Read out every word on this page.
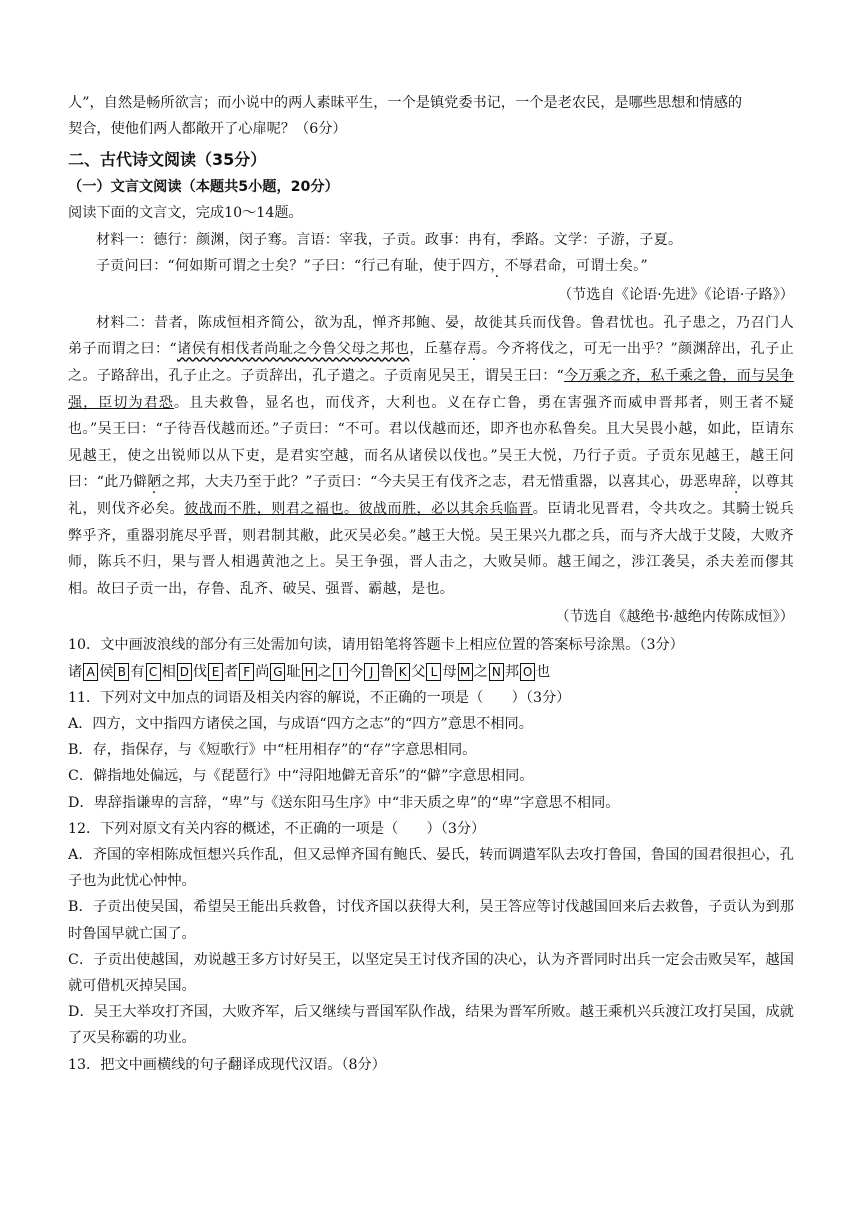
人”，自然是畅所欲言；而小说中的两人素昧平生，一个是镇党委书记，一个是老农民，是哪些思想和情感的
契合，使他们两人都敞开了心扉呢？（6分）
二、古代诗文阅读（35分）
（一）文言文阅读（本题共5小题，20分）
阅读下面的文言文，完成10～14题。
材料一：德行：颜渊，闵子骞。言语：宰我，子贡。政事：冉有，季路。文学：子游，子夏。
子贡问曰：“何如斯可谓之士矣？”子曰：“行己有耻，使于四方，不辱君命，可谓士矣。”
（节选自《论语·先进》《论语·子路》）
材料二：昔者，陈成恒相齐简公，欲为乱，惮齐邦鲍、晏，故徙其兵而伐鲁。鲁君忧也。孔子患之，乃召门人弟子而谓之曰：“诸侯有相伐者尚耻之今鲁父母之邦也，丘墓存焉。今齐将伐之，可无一出乎？”颜渊辞出，孔子止之。子路辞出，孔子止之。子贡辞出，孔子遣之。子贡南见吴王，谓吴王曰：“今万乘之齐，私千乘之鲁，而与吴争强，臣切为君恐。且夫救鲁，显名也，而伐齐，大利也。义在存亡鲁，勇在害强齐而威申晋邦者，则王者不疑也。”吴王曰：“子待吾伐越而还。”子贡曰：“不可。君以伐越而还，即齐也亦私鲁矣。且大吴畏小越，如此，臣请东见越王，使之出锐师以从下吏，是君实空越，而名从诸侯以伐也。”吴王大悦，乃行子贡。子贡东见越王，越王问曰：“此乃僻陋之邦，大夫乃至于此？”子贡曰：“今夫吴王有伐齐之志，君无惜重器，以喜其心，毋恶卑辞，以尊其礼，则伐齐必矣。彼战而不胜，则君之福也。彼战而胜，必以其余兵临晋。臣请北见晋君，令共攻之。其騎士锐兵弊乎齐，重器羽旄尽乎晋，则君制其敝，此灭吴必矣。”越王大悦。吴王果兴九郡之兵，而与齐大战于艾陵，大败齐师，陈兵不归，果与晋人相遇黄池之上。吴王争强，晋人击之，大败吴师。越王闻之，涉江袭吴，杀夫差而僇其相。故曰子贡一出，存鲁、乱齐、破吴、强晋、霸越，是也。
（节选自《越绝书·越绝内传陈成恒》）
10．文中画波浪线的部分有三处需加句读，请用铅笔将答题卡上相应位置的答案标号涂黑。（3分）
诸 A 侯 B 有 C 相 D 伐 E 者 F 尚 G 耻 H 之 I 今 J 鲁 K 父 L 母 M 之 N 邦 O 也
11．下列对文中加点的词语及相关内容的解说，不正确的一项是（　　）（3分）
A．四方，文中指四方诸侯之国，与成语“四方之志”的“四方”意思不相同。
B．存，指保存，与《短歌行》中“枉用相存”的“存”字意思相同。
C．僻指地处偏远，与《琵琶行》中“浔阳地僻无音乐”的“僻”字意思相同。
D．卑辞指谦卑的言辞，“卑”与《送东阳马生序》中“非天质之卑”的“卑”字意思不相同。
12．下列对原文有关内容的概述，不正确的一项是（　　）（3分）
A．齐国的宰相陈成恒想兴兵作乱，但又忌惮齐国有鲍氏、晏氏，转而调遣军队去攻打鲁国，鲁国的国君很担心，孔子也为此忧心忡忡。
B．子贡出使吴国，希望吴王能出兵救鲁，讨伐齐国以获得大利，吴王答应等讨伐越国回来后去救鲁，子贡认为到那时鲁国早就亡国了。
C．子贡出使越国，劝说越王多方讨好吴王，以坚定吴王讨伐齐国的决心，认为齐晋同时出兵一定会击败吴军，越国就可借机灭掉吴国。
D．吴王大举攻打齐国，大败齐军，后又继续与晋国军队作战，结果为晋军所败。越王乘机兴兵渡江攻打吴国，成就了灭吴称霸的功业。
13．把文中画横线的句子翻译成现代汉语。（8分）
